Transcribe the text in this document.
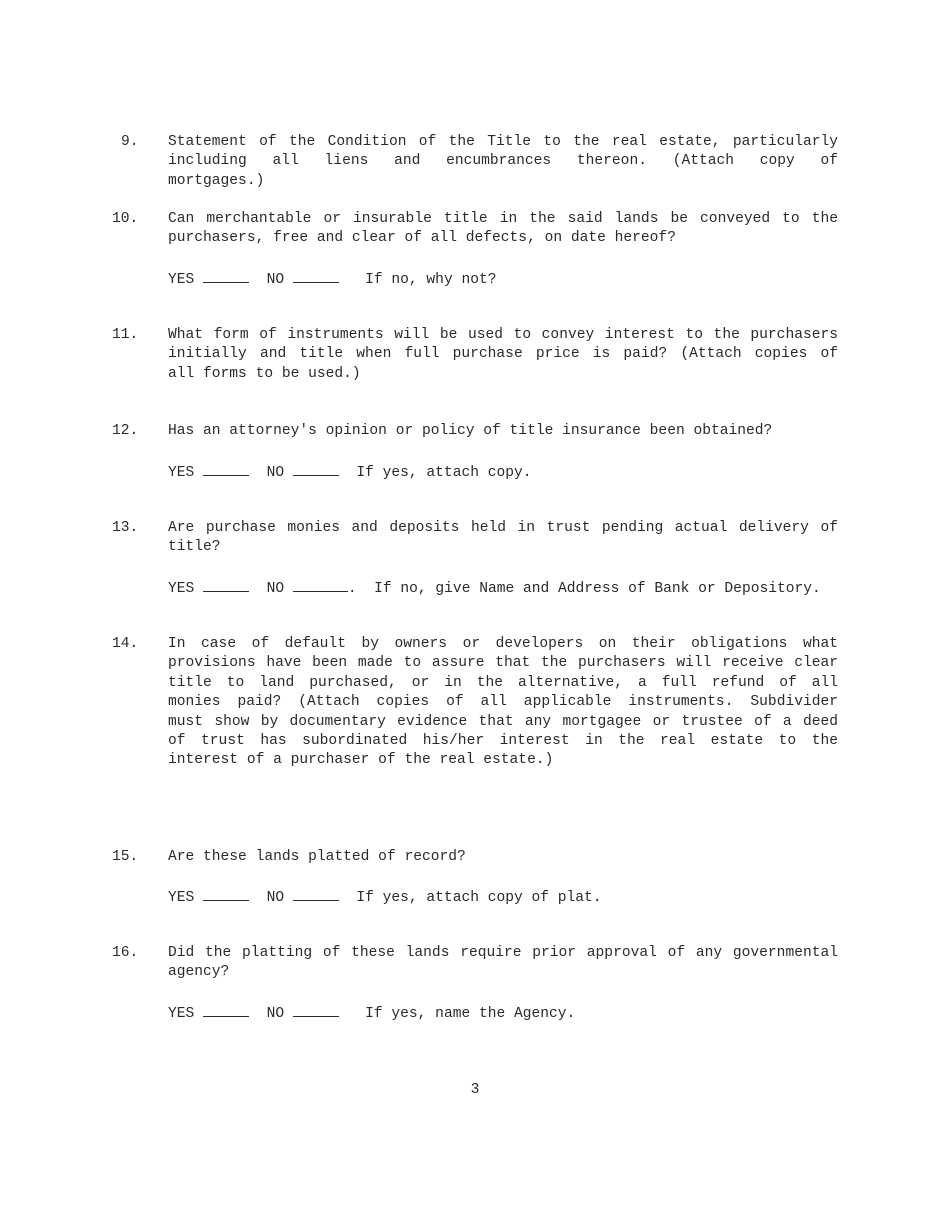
9.	Statement of the Condition of the Title to the real estate, particularly
including all liens and encumbrances thereon. (Attach copy of
mortgages.)
10.	Can merchantable or insurable title in the said lands be conveyed to the
purchasers, free and clear of all defects, on date hereof?
YES	NO	If no, why not?
11.	What form of instruments will be used to convey interest to the purchasers
initially and title when full purchase price is paid? (Attach copies of
all forms to be used.)
12.	Has an attorney's opinion or policy of title insurance been obtained?
YES	NO	If yes, attach copy.
13.	Are purchase monies and deposits held in trust pending actual delivery of
title?
YES	NO	.  If no, give Name and Address of Bank or Depository.
14.	In case of default by owners or developers on their obligations what
provisions have been made to assure that the purchasers will receive clear
title to land purchased, or in the alternative, a full refund of all
monies paid? (Attach copies of all applicable instruments. Subdivider
must show by documentary evidence that any mortgagee or trustee of a deed
of trust has subordinated his/her interest in the real estate to the
interest of a purchaser of the real estate.)
15.	Are these lands platted of record?
YES	NO	If yes, attach copy of plat.
16.	Did the platting of these lands require prior approval of any governmental
agency?
YES	NO	If yes, name the Agency.
3
